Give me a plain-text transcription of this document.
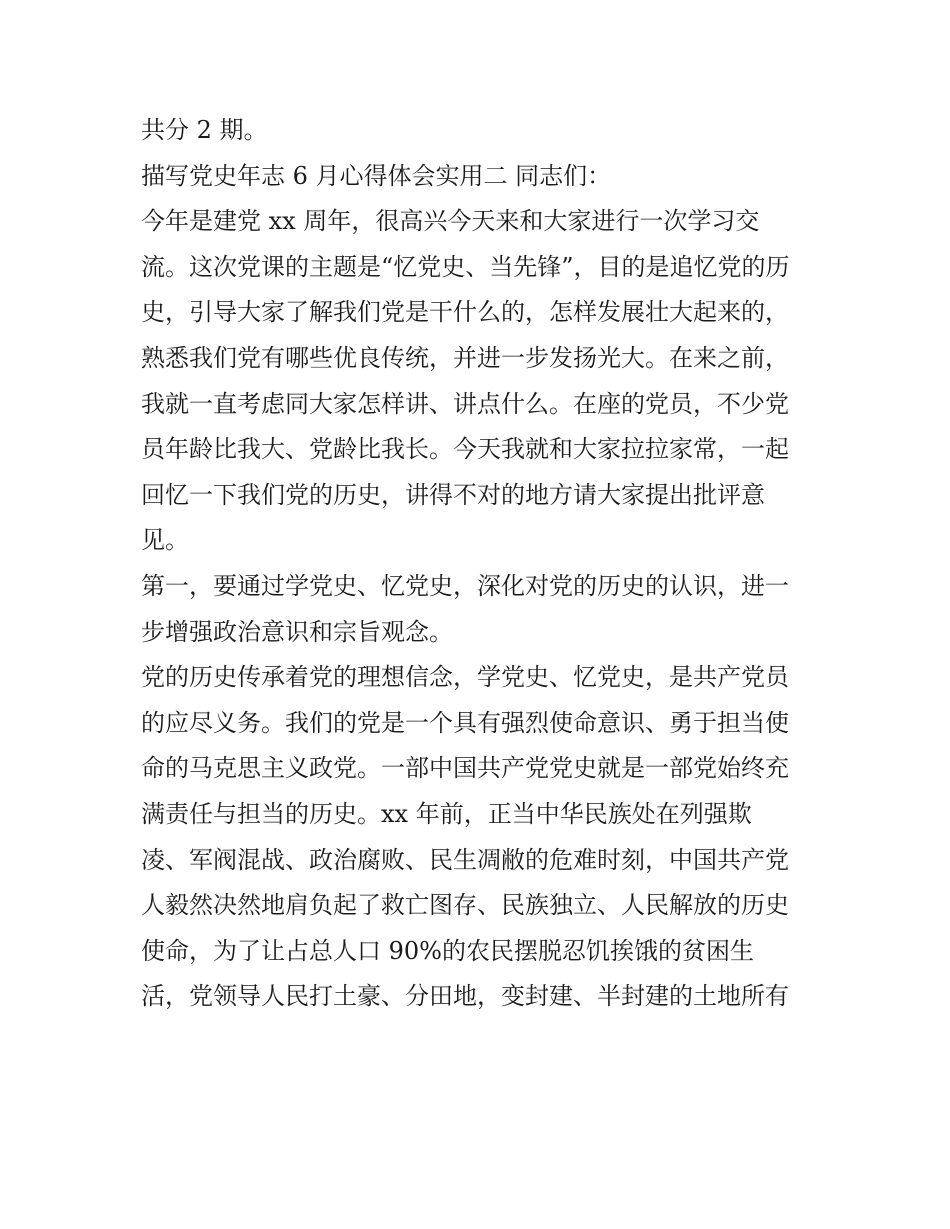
共分 2 期。
描写党史年志 6 月心得体会实用二 同志们：
今年是建党 xx 周年，很高兴今天来和大家进行一次学习交
流。这次党课的主题是“忆党史、当先锋”，目的是追忆党的历
史，引导大家了解我们党是干什么的，怎样发展壮大起来的，
熟悉我们党有哪些优良传统，并进一步发扬光大。在来之前，
我就一直考虑同大家怎样讲、讲点什么。在座的党员，不少党
员年龄比我大、党龄比我长。今天我就和大家拉拉家常，一起
回忆一下我们党的历史，讲得不对的地方请大家提出批评意
见。
第一，要通过学党史、忆党史，深化对党的历史的认识，进一
步增强政治意识和宗旨观念。
党的历史传承着党的理想信念，学党史、忆党史，是共产党员
的应尽义务。我们的党是一个具有强烈使命意识、勇于担当使
命的马克思主义政党。一部中国共产党党史就是一部党始终充
满责任与担当的历史。xx 年前，正当中华民族处在列强欺
凌、军阀混战、政治腐败、民生凋敝的危难时刻，中国共产党
人毅然决然地肩负起了救亡图存、民族独立、人民解放的历史
使命，为了让占总人口 90%的农民摆脱忍饥挨饿的贫困生
活，党领导人民打土豪、分田地，变封建、半封建的土地所有
